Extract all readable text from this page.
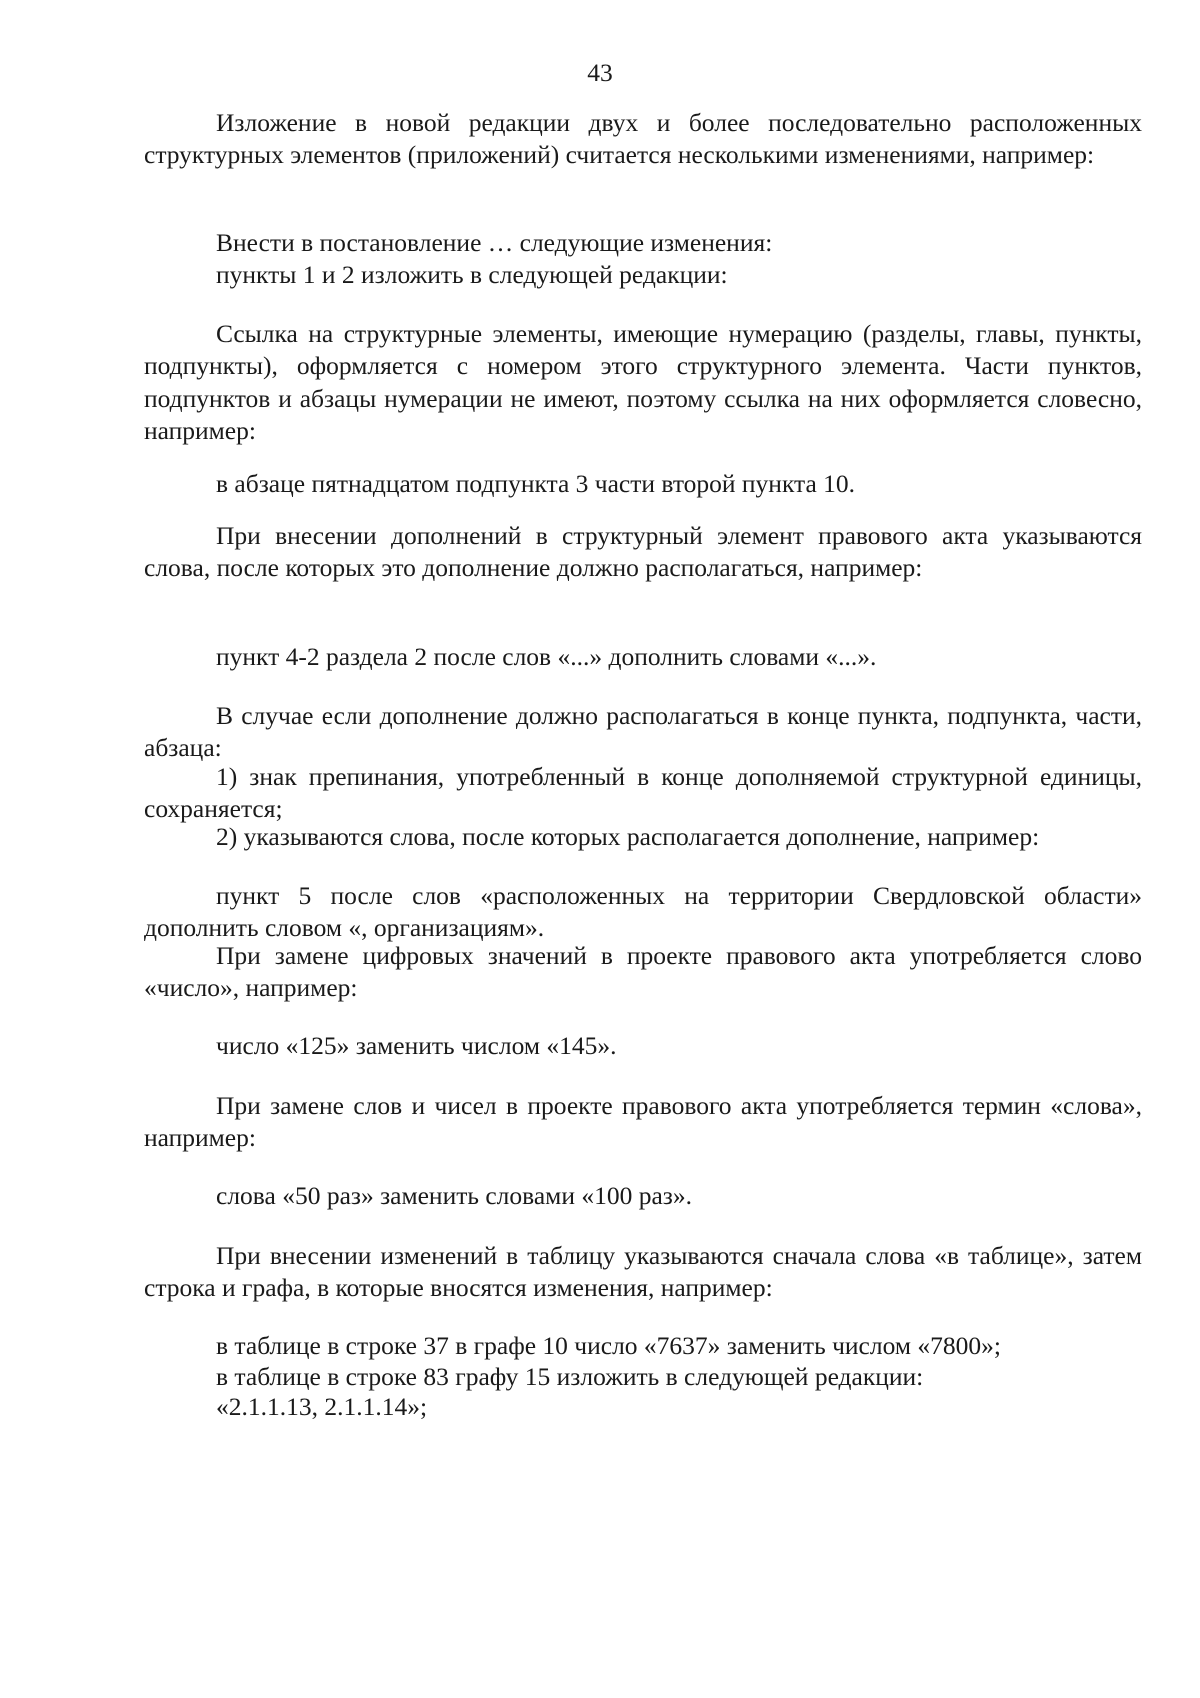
43

Изложение в новой редакции двух и более последовательно расположенных структурных элементов (приложений) считается несколькими изменениями, например:

Внести в постановление … следующие изменения:
пункты 1 и 2 изложить в следующей редакции:

Ссылка на структурные элементы, имеющие нумерацию (разделы, главы, пункты, подпункты), оформляется с номером этого структурного элемента. Части пунктов, подпунктов и абзацы нумерации не имеют, поэтому ссылка на них оформляется словесно, например:

в абзаце пятнадцатом подпункта 3 части второй пункта 10.

При внесении дополнений в структурный элемент правового акта указываются слова, после которых это дополнение должно располагаться, например:

пункт 4-2 раздела 2 после слов «...» дополнить словами «...».

В случае если дополнение должно располагаться в конце пункта, подпункта, части, абзаца:

1) знак препинания, употребленный в конце дополняемой структурной единицы, сохраняется;

2) указываются слова, после которых располагается дополнение, например:

пункт 5 после слов «расположенных на территории Свердловской области» дополнить словом «, организациям».

При замене цифровых значений в проекте правового акта употребляется слово «число», например:

число «125» заменить числом «145».

При замене слов и чисел в проекте правового акта употребляется термин «слова», например:

слова «50 раз» заменить словами «100 раз».

При внесении изменений в таблицу указываются сначала слова «в таблице», затем строка и графа, в которые вносятся изменения, например:

в таблице в строке 37 в графе 10 число «7637» заменить числом «7800»;
в таблице в строке 83 графу 15 изложить в следующей редакции:
«2.1.1.13, 2.1.1.14»;
